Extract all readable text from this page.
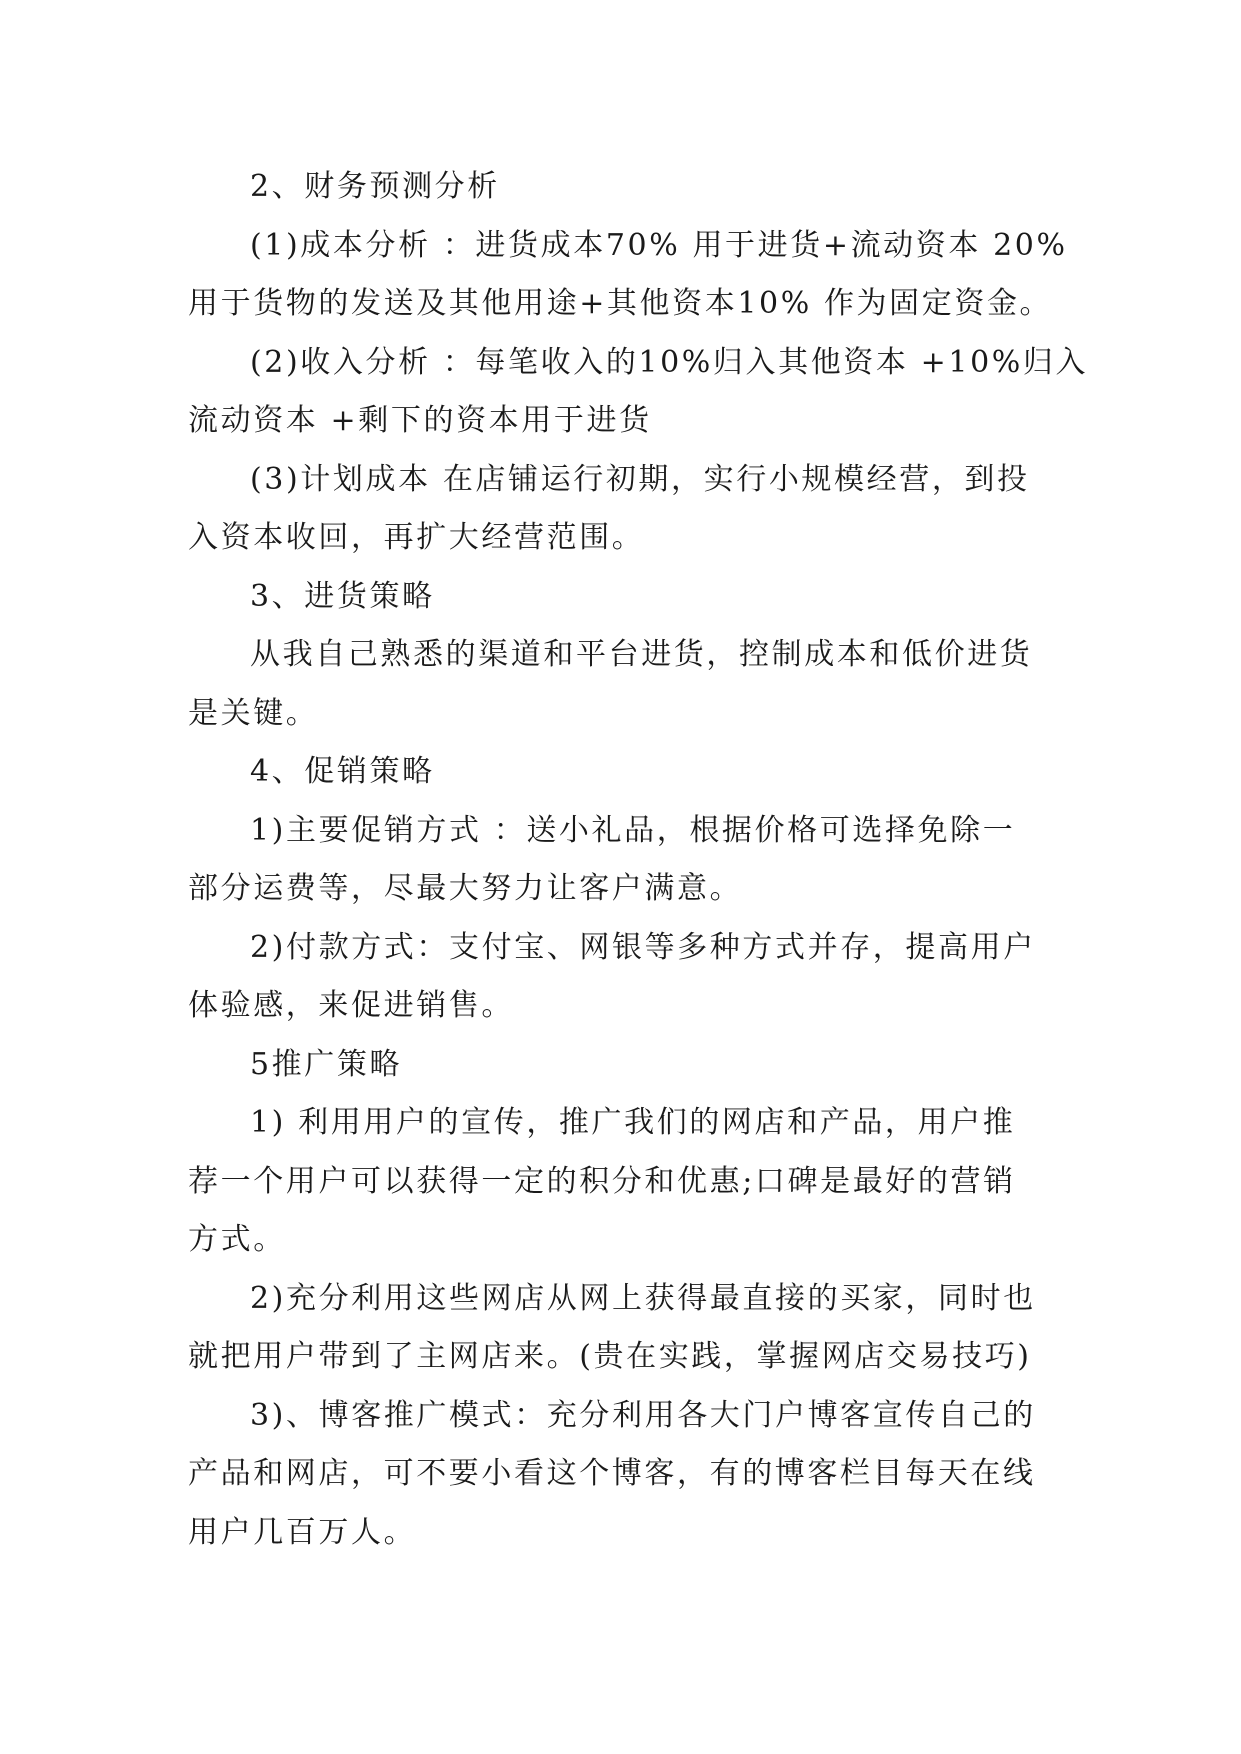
2、财务预测分析

(1)成本分析 ：进货成本70% 用于进货+流动资本 20%
用于货物的发送及其他用途+其他资本10% 作为固定资金。

(2)收入分析 ：每笔收入的10%归入其他资本 +10%归入
流动资本 +剩下的资本用于进货

(3)计划成本 在店铺运行初期，实行小规模经营，到投
入资本收回，再扩大经营范围。

3、进货策略

从我自己熟悉的渠道和平台进货，控制成本和低价进货
是关键。

4、促销策略

1)主要促销方式 ：送小礼品，根据价格可选择免除一
部分运费等，尽最大努力让客户满意。

2)付款方式：支付宝、网银等多种方式并存，提高用户
体验感，来促进销售。

5推广策略

1) 利用用户的宣传，推广我们的网店和产品，用户推
荐一个用户可以获得一定的积分和优惠;口碑是最好的营销
方式。

2)充分利用这些网店从网上获得最直接的买家，同时也
就把用户带到了主网店来。(贵在实践，掌握网店交易技巧)

3)、博客推广模式：充分利用各大门户博客宣传自己的
产品和网店，可不要小看这个博客，有的博客栏目每天在线
用户几百万人。
